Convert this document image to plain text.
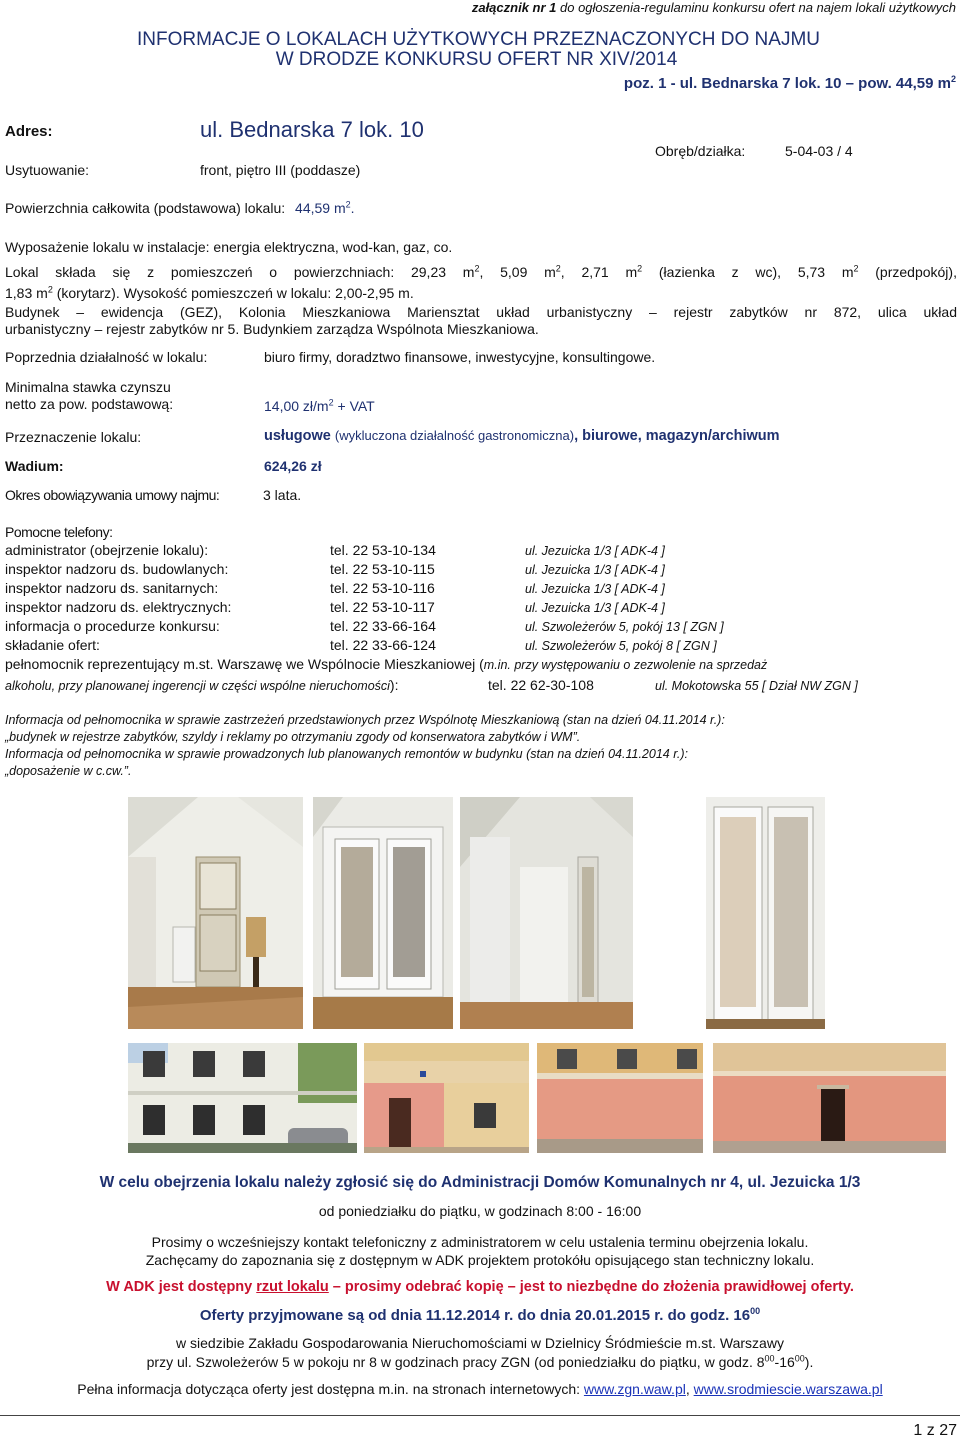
załącznik nr 1 do ogłoszenia-regulaminu konkursu ofert na najem lokali użytkowych
INFORMACJE O LOKALACH UŻYTKOWYCH PRZEZNACZONYCH DO NAJMU
W DRODZE KONKURSU OFERT NR XIV/2014
poz. 1 - ul. Bednarska 7 lok. 10 – pow. 44,59 $m^2$
Adres:	ul. Bednarska 7 lok. 10
Usytuowanie:	front, piętro III (poddasze)
Obręb/działka:	5-04-03 / 4
Powierzchnia całkowita (podstawowa) lokalu: 44,59 $m^2$.
Wyposażenie lokalu w instalacje: energia elektryczna, wod-kan, gaz, co.
Lokal składa się z pomieszczeń o powierzchniach: 29,23 $m^2$, 5,09 $m^2$, 2,71 $m^2$ (łazienka z wc), 5,73 $m^2$ (przedpokój),
1,83 $m^2$ (korytarz). Wysokość pomieszczeń w lokalu: 2,00-2,95 m.
Budynek – ewidencja (GEZ), Kolonia Mieszkaniowa Mariensztat układ urbanistyczny – rejestr zabytków nr 872, ulica układ
urbanistyczny – rejestr zabytków nr 5. Budynkiem zarządza Wspólnota Mieszkaniowa.
Poprzednia działalność w lokalu:	biuro firmy, doradztwo finansowe, inwestycyjne, konsultingowe.
Minimalna stawka czynszu
netto za pow. podstawową:	14,00 $zł/m^2$ + VAT
Przeznaczenie lokalu:	usługowe (wykluczona działalność gastronomiczna), biurowe, magazyn/archiwum
Wadium:	624,26 zł
Okres obowiązywania umowy najmu:	3 lata.
Pomocne telefony:
administrator (obejrzenie lokalu):	tel. 22 53-10-134	ul. Jezuicka 1/3 [ ADK-4 ]
inspektor nadzoru ds. budowlanych:	tel. 22 53-10-115	ul. Jezuicka 1/3 [ ADK-4 ]
inspektor nadzoru ds. sanitarnych:	tel. 22 53-10-116	ul. Jezuicka 1/3 [ ADK-4 ]
inspektor nadzoru ds. elektrycznych:	tel. 22 53-10-117	ul. Jezuicka 1/3 [ ADK-4 ]
informacja o procedurze konkursu:	tel. 22 33-66-164	ul. Szwoleżerów 5, pokój 13 [ ZGN ]
składanie ofert:	tel. 22 33-66-124	ul. Szwoleżerów 5, pokój 8 [ ZGN ]
pełnomocnik reprezentujący m.st. Warszawę we Wspólnocie Mieszkaniowej (m.in. przy występowaniu o zezwolenie na sprzedaż
alkoholu, przy planowanej ingerencji w części wspólne nieruchomości):	tel. 22 62-30-108	ul. Mokotowska 55 [ Dział NW ZGN ]
Informacja od pełnomocnika w sprawie zastrzeżeń przedstawionych przez Wspólnotę Mieszkaniową (stan na dzień 04.11.2014 r.):
„budynek w rejestrze zabytków, szyldy i reklamy po otrzymaniu zgody od konserwatora zabytków i WM”.
Informacja od pełnomocnika w sprawie prowadzonych lub planowanych remontów w budynku (stan na dzień 04.11.2014 r.):
„doposażenie w c.cw.”.
W celu obejrzenia lokalu należy zgłosić się do Administracji Domów Komunalnych nr 4, ul. Jezuicka 1/3
od poniedziałku do piątku, w godzinach 8:00 - 16:00
Prosimy o wcześniejszy kontakt telefoniczny z administratorem w celu ustalenia terminu obejrzenia lokalu.
Zachęcamy do zapoznania się z dostępnym w ADK projektem protokółu opisującego stan techniczny lokalu.
W ADK jest dostępny rzut lokalu – prosimy odebrać kopię – jest to niezbędne do złożenia prawidłowej oferty.
Oferty przyjmowane są od dnia 11.12.2014 r. do dnia 20.01.2015 r. do godz. $16^{00}$
w siedzibie Zakładu Gospodarowania Nieruchomościami w Dzielnicy Śródmieście m.st. Warszawy
przy ul. Szwoleżerów 5 w pokoju nr 8 w godzinach pracy ZGN (od poniedziałku do piątku, w godz. $8^{00}-16^{00}$).
Pełna informacja dotycząca oferty jest dostępna m.in. na stronach internetowych: www.zgn.waw.pl, www.srodmiescie.warszawa.pl
1 z 27
